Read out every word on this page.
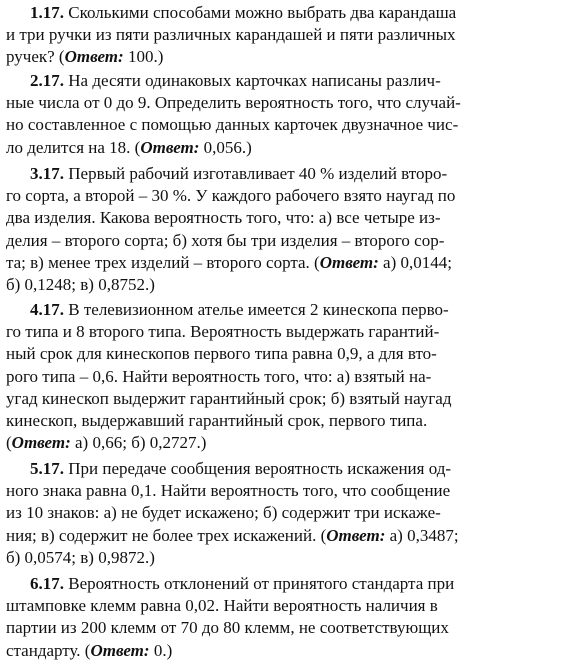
1.17. Сколькими способами можно выбрать два карандаша
и три ручки из пяти различных карандашей и пяти различных
ручек? (Ответ: 100.)
2.17. На десяти одинаковых карточках написаны различ-
ные числа от 0 до 9. Определить вероятность того, что случай-
но составленное с помощью данных карточек двузначное чис-
ло делится на 18. (Ответ: 0,056.)
3.17. Первый рабочий изготавливает 40 % изделий второ-
го сорта, а второй – 30 %. У каждого рабочего взято наугад по
два изделия. Какова вероятность того, что: а) все четыре из-
делия – второго сорта; б) хотя бы три изделия – второго сор-
та; в) менее трех изделий – второго сорта. (Ответ: а) 0,0144;
б) 0,1248; в) 0,8752.)
4.17. В телевизионном ателье имеется 2 кинескопа перво-
го типа и 8 второго типа. Вероятность выдержать гарантий-
ный срок для кинескопов первого типа равна 0,9, а для вто-
рого типа – 0,6. Найти вероятность того, что: а) взятый на-
угад кинескоп выдержит гарантийный срок; б) взятый наугад
кинескоп, выдержавший гарантийный срок, первого типа.
(Ответ: а) 0,66; б) 0,2727.)
5.17. При передаче сообщения вероятность искажения од-
ного знака равна 0,1. Найти вероятность того, что сообщение
из 10 знаков: а) не будет искажено; б) содержит три искаже-
ния; в) содержит не более трех искажений. (Ответ: а) 0,3487;
б) 0,0574; в) 0,9872.)
6.17. Вероятность отклонений от принятого стандарта при
штамповке клемм равна 0,02. Найти вероятность наличия в
партии из 200 клемм от 70 до 80 клемм, не соответствующих
стандарту. (Ответ: 0.)
